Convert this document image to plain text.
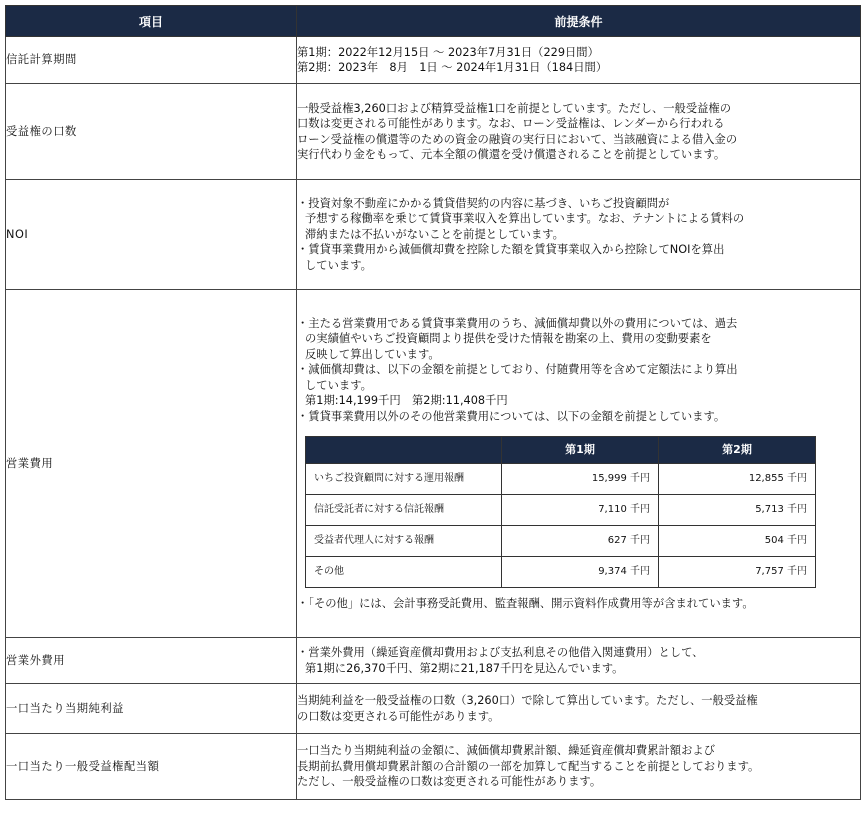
項目	前提条件
信託計算期間	
第1期：2022年12月15日 ～ 2023年7月31日（229日間）
第2期：2023年　8月　1日 ～ 2024年1月31日（184日間）

受益権の口数	
一般受益権3,260口および精算受益権1口を前提としています。ただし、一般受益権の
口数は変更される可能性があります。なお、ローン受益権は、レンダーから行われる
ローン受益権の償還等のための資金の融資の実行日において、当該融資による借入金の
実行代わり金をもって、元本全額の償還を受け償還されることを前提としています。

NOI	
・投資対象不動産にかかる賃貸借契約の内容に基づき、いちご投資顧問が
予想する稼働率を乗じて賃貸事業収入を算出しています。なお、テナントによる賃料の
滞納または不払いがないことを前提としています。
・賃貸事業費用から減価償却費を控除した額を賃貸事業収入から控除してNOIを算出
しています。

営業費用	
・主たる営業費用である賃貸事業費用のうち、減価償却費以外の費用については、過去
の実績値やいちご投資顧問より提供を受けた情報を勘案の上、費用の変動要素を
反映して算出しています。
・減価償却費は、以下の金額を前提としており、付随費用等を含めて定額法により算出
しています。
第1期:14,199千円　第2期:11,408千円
・賃貸事業費用以外のその他営業費用については、以下の金額を前提としています。
	第1期	第2期
いちご投資顧問に対する運用報酬	15,999 千円	12,855 千円
信託受託者に対する信託報酬	7,110 千円	5,713 千円
受益者代理人に対する報酬	627 千円	504 千円
その他	9,374 千円	7,757 千円
・「その他」には、会計事務受託費用、監査報酬、開示資料作成費用等が含まれています。

営業外費用	
・営業外費用（繰延資産償却費用および支払利息その他借入関連費用）として、
第1期に26,370千円、第2期に21,187千円を見込んでいます。

一口当たり当期純利益	
当期純利益を一般受益権の口数（3,260口）で除して算出しています。ただし、一般受益権
の口数は変更される可能性があります。

一口当たり一般受益権配当額	
一口当たり当期純利益の金額に、減価償却費累計額、繰延資産償却費累計額および
長期前払費用償却費累計額の合計額の一部を加算して配当することを前提としております。
ただし、一般受益権の口数は変更される可能性があります。
